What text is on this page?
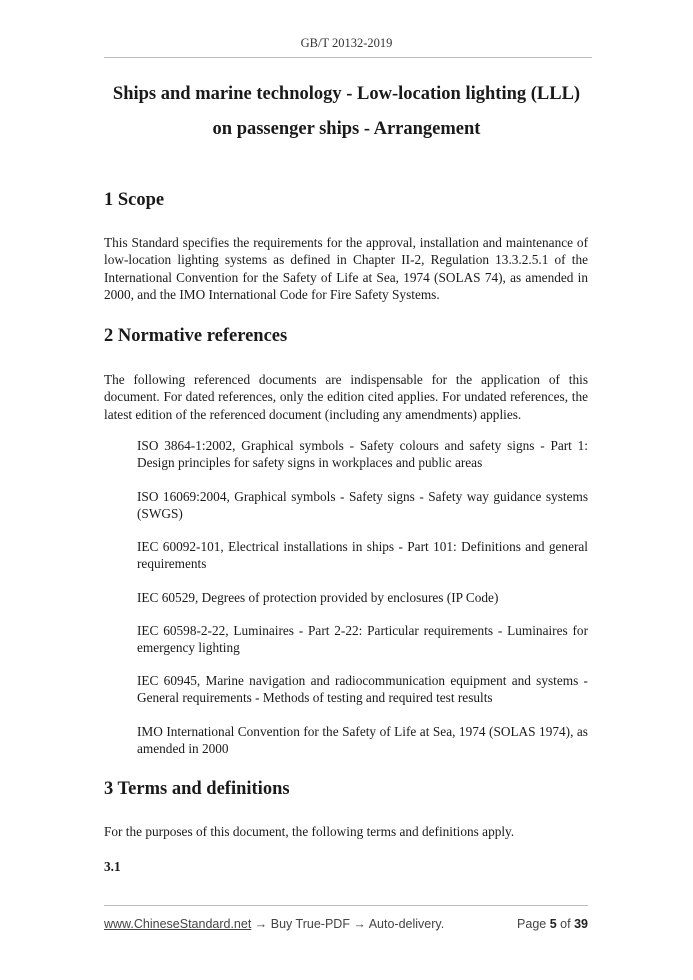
GB/T 20132-2019
Ships and marine technology - Low-location lighting (LLL)
on passenger ships - Arrangement
1 Scope

This Standard specifies the requirements for the approval, installation and maintenance of low-location lighting systems as defined in Chapter II-2, Regulation 13.3.2.5.1 of the International Convention for the Safety of Life at Sea, 1974 (SOLAS 74), as amended in 2000, and the IMO International Code for Fire Safety Systems.

2 Normative references

The following referenced documents are indispensable for the application of this document. For dated references, only the edition cited applies. For undated references, the latest edition of the referenced document (including any amendments) applies.

ISO 3864-1:2002, Graphical symbols - Safety colours and safety signs - Part 1: Design principles for safety signs in workplaces and public areas

ISO 16069:2004, Graphical symbols - Safety signs - Safety way guidance systems (SWGS)

IEC 60092-101, Electrical installations in ships - Part 101: Definitions and general requirements

IEC 60529, Degrees of protection provided by enclosures (IP Code)

IEC 60598-2-22, Luminaires - Part 2-22: Particular requirements - Luminaires for emergency lighting

IEC 60945, Marine navigation and radiocommunication equipment and systems - General requirements - Methods of testing and required test results

IMO International Convention for the Safety of Life at Sea, 1974 (SOLAS 1974), as amended in 2000

3 Terms and definitions

For the purposes of this document, the following terms and definitions apply.

3.1

www.ChineseStandard.net → Buy True-PDF → Auto-delivery.	Page 5 of 39
